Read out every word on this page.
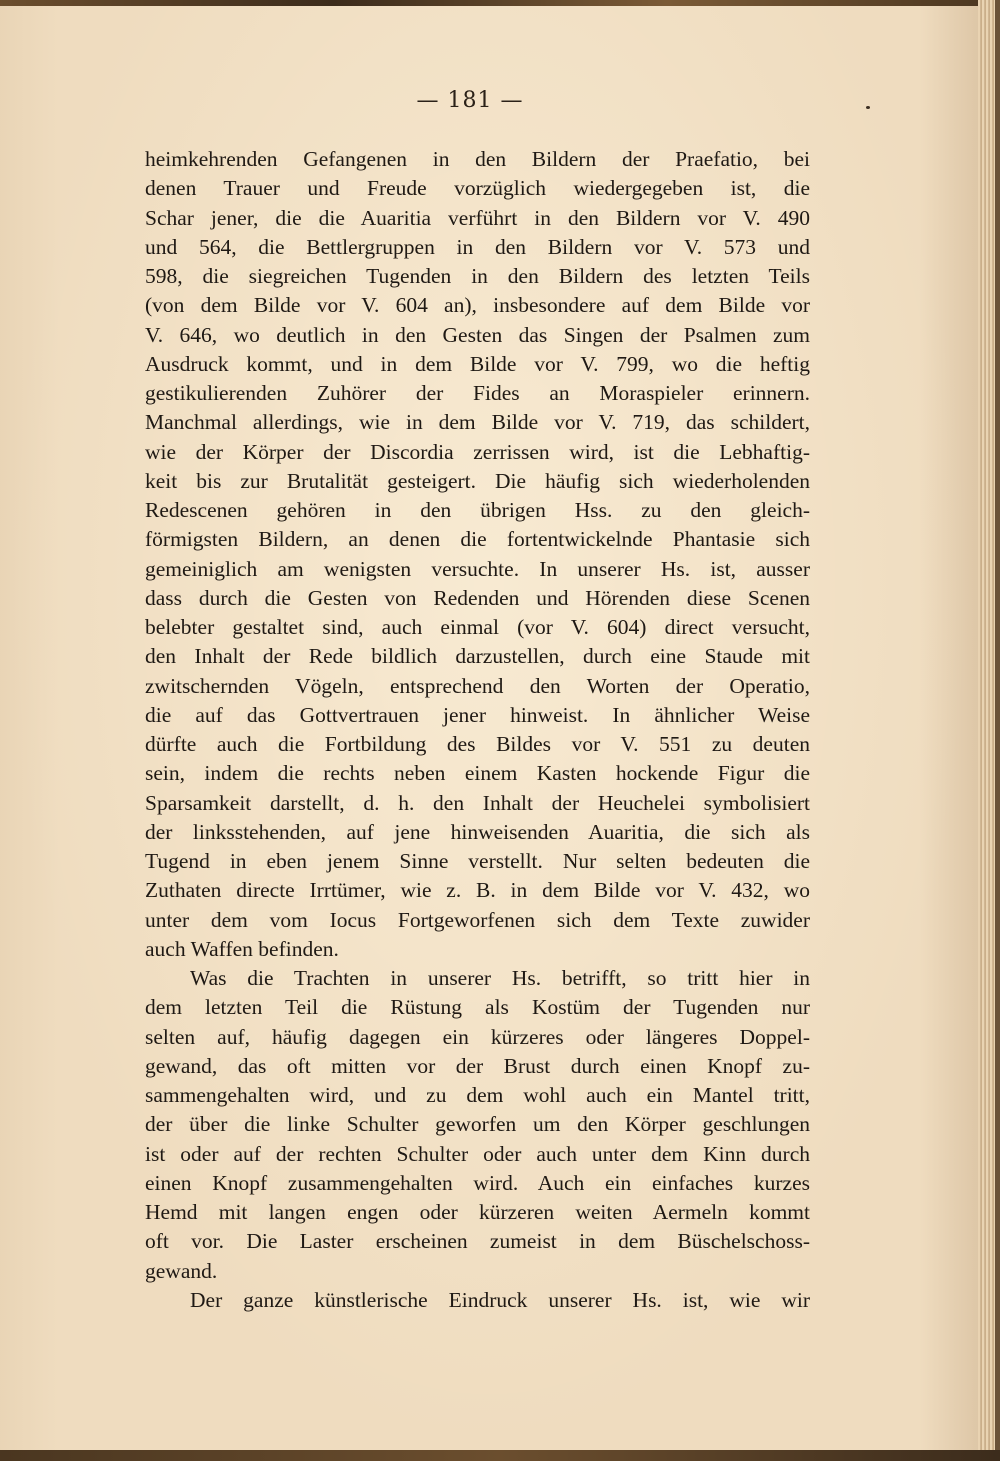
— 181 —
heimkehrenden Gefangenen in den Bildern der Praefatio, bei
denen Trauer und Freude vorzüglich wiedergegeben ist, die
Schar jener, die die Auaritia verführt in den Bildern vor V. 490
und 564, die Bettlergruppen in den Bildern vor V. 573 und
598, die siegreichen Tugenden in den Bildern des letzten Teils
(von dem Bilde vor V. 604 an), insbesondere auf dem Bilde vor
V. 646, wo deutlich in den Gesten das Singen der Psalmen zum
Ausdruck kommt, und in dem Bilde vor V. 799, wo die heftig
gestikulierenden Zuhörer der Fides an Moraspieler erinnern.
Manchmal allerdings, wie in dem Bilde vor V. 719, das schildert,
wie der Körper der Discordia zerrissen wird, ist die Lebhaftig-
keit bis zur Brutalität gesteigert. Die häufig sich wiederholenden
Redescenen gehören in den übrigen Hss. zu den gleich-
förmigsten Bildern, an denen die fortentwickelnde Phantasie sich
gemeiniglich am wenigsten versuchte. In unserer Hs. ist, ausser
dass durch die Gesten von Redenden und Hörenden diese Scenen
belebter gestaltet sind, auch einmal (vor V. 604) direct versucht,
den Inhalt der Rede bildlich darzustellen, durch eine Staude mit
zwitschernden Vögeln, entsprechend den Worten der Operatio,
die auf das Gottvertrauen jener hinweist. In ähnlicher Weise
dürfte auch die Fortbildung des Bildes vor V. 551 zu deuten
sein, indem die rechts neben einem Kasten hockende Figur die
Sparsamkeit darstellt, d. h. den Inhalt der Heuchelei symbolisiert
der linksstehenden, auf jene hinweisenden Auaritia, die sich als
Tugend in eben jenem Sinne verstellt. Nur selten bedeuten die
Zuthaten directe Irrtümer, wie z. B. in dem Bilde vor V. 432, wo
unter dem vom Iocus Fortgeworfenen sich dem Texte zuwider
auch Waffen befinden.
Was die Trachten in unserer Hs. betrifft, so tritt hier in
dem letzten Teil die Rüstung als Kostüm der Tugenden nur
selten auf, häufig dagegen ein kürzeres oder längeres Doppel-
gewand, das oft mitten vor der Brust durch einen Knopf zu-
sammengehalten wird, und zu dem wohl auch ein Mantel tritt,
der über die linke Schulter geworfen um den Körper geschlungen
ist oder auf der rechten Schulter oder auch unter dem Kinn durch
einen Knopf zusammengehalten wird. Auch ein einfaches kurzes
Hemd mit langen engen oder kürzeren weiten Aermeln kommt
oft vor. Die Laster erscheinen zumeist in dem Büschelschoss-
gewand.
Der ganze künstlerische Eindruck unserer Hs. ist, wie wir
